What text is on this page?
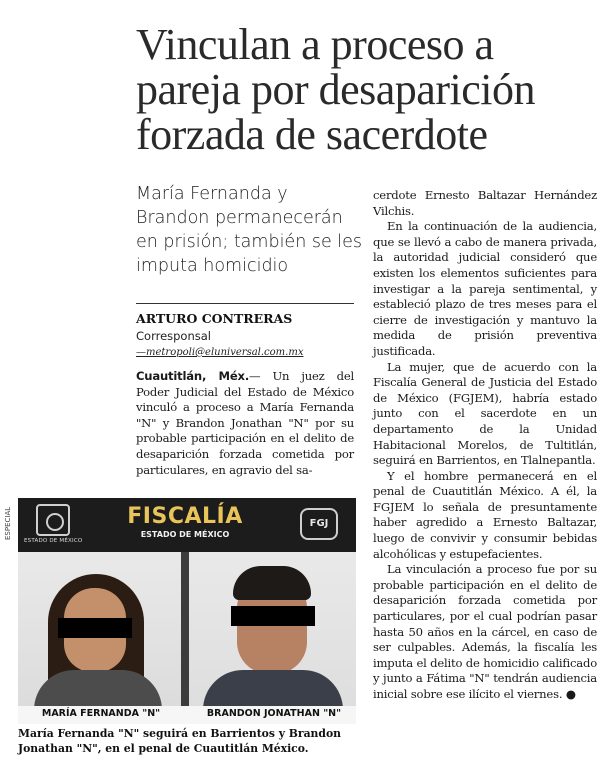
Vinculan a proceso a pareja por desaparición forzada de sacerdote
María Fernanda y Brandon permanecerán en prisión; también se les imputa homicidio
ARTURO CONTRERAS
Corresponsal
—metropoli@eluniversal.com.mx
Cuautitlán, Méx.— Un juez del Poder Judicial del Estado de México vinculó a proceso a María Fernanda "N" y Brandon Jonathan "N" por su probable participación en el delito de desaparición forzada cometida por particulares, en agravio del sa-

cerdote Ernesto Baltazar Hernández Vilchis.

En la continuación de la audiencia, que se llevó a cabo de manera privada, la autoridad judicial consideró que existen los elementos suficientes para investigar a la pareja sentimental, y estableció plazo de tres meses para el cierre de investigación y mantuvo la medida de prisión preventiva justificada.

La mujer, que de acuerdo con la Fiscalía General de Justicia del Estado de México (FGJEM), habría estado junto con el sacerdote en un departamento de la Unidad Habitacional Morelos, de Tultitlán, seguirá en Barrientos, en Tlalnepantla.

Y el hombre permanecerá en el penal de Cuautitlán México. A él, la FGJEM lo señala de presuntamente haber agredido a Ernesto Baltazar, luego de convivir y consumir bebidas alcohólicas y estupefacientes.

La vinculación a proceso fue por su probable participación en el delito de desaparición forzada cometida por particulares, por el cual podrían pasar hasta 50 años en la cárcel, en caso de ser culpables. Además, la fiscalía les imputa el delito de homicidio calificado y junto a Fátima "N" tendrán audiencia inicial sobre ese ilícito el viernes. ●

ESPECIAL
ESTADO DE MÉXICO
FISCALÍA
ESTADO DE MÉXICO
FGJ
MARÍA FERNANDA "N"	BRANDON JONATHAN "N"
María Fernanda "N" seguirá en Barrientos y Brandon Jonathan "N", en el penal de Cuautitlán México.
